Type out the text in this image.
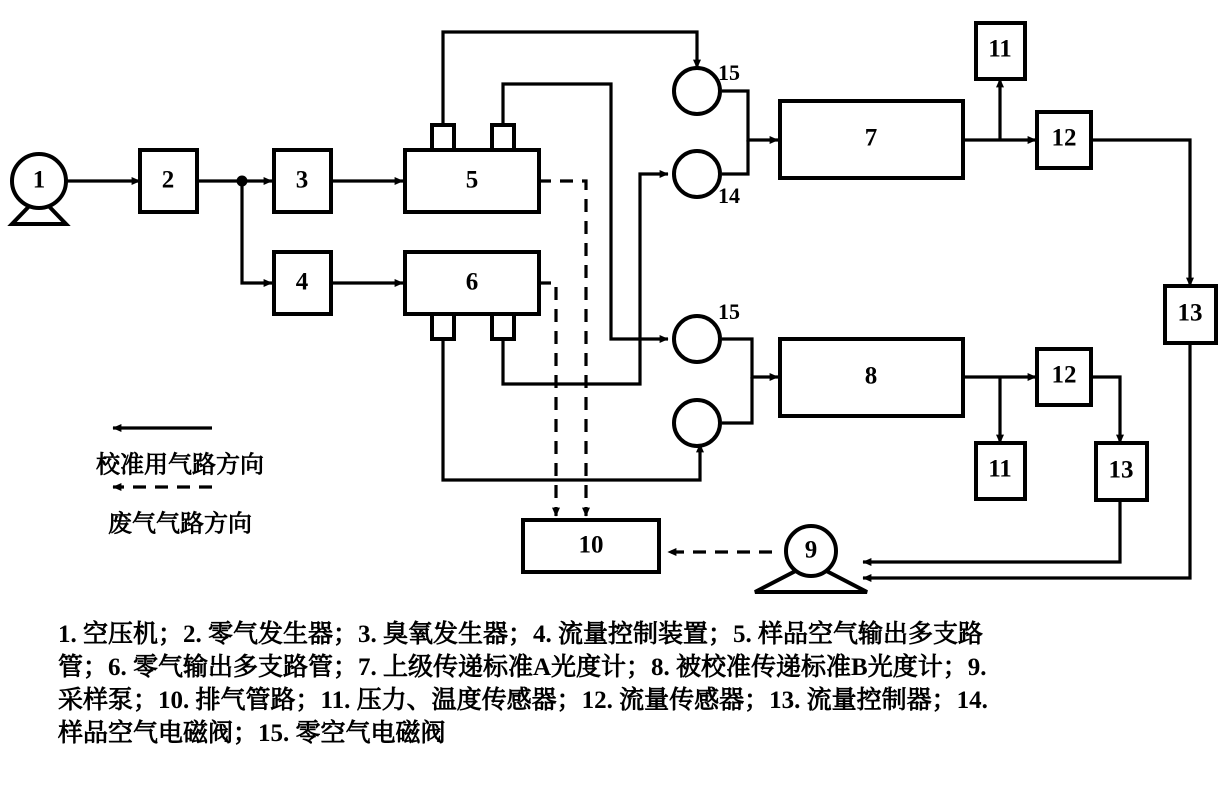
1	2	3
4
5
6
15
14
15
7
8
11
12
13
12
11	13
9
10
校准用气路方向
废气气路方向
1. 空压机；2. 零气发生器；3. 臭氧发生器；4. 流量控制装置；5. 样品空气输出多支路
管；6. 零气输出多支路管；7. 上级传递标准A光度计；8. 被校准传递标准B光度计；9.
采样泵；10. 排气管路；11. 压力、温度传感器；12. 流量传感器；13. 流量控制器；14.
样品空气电磁阀；15. 零空气电磁阀
